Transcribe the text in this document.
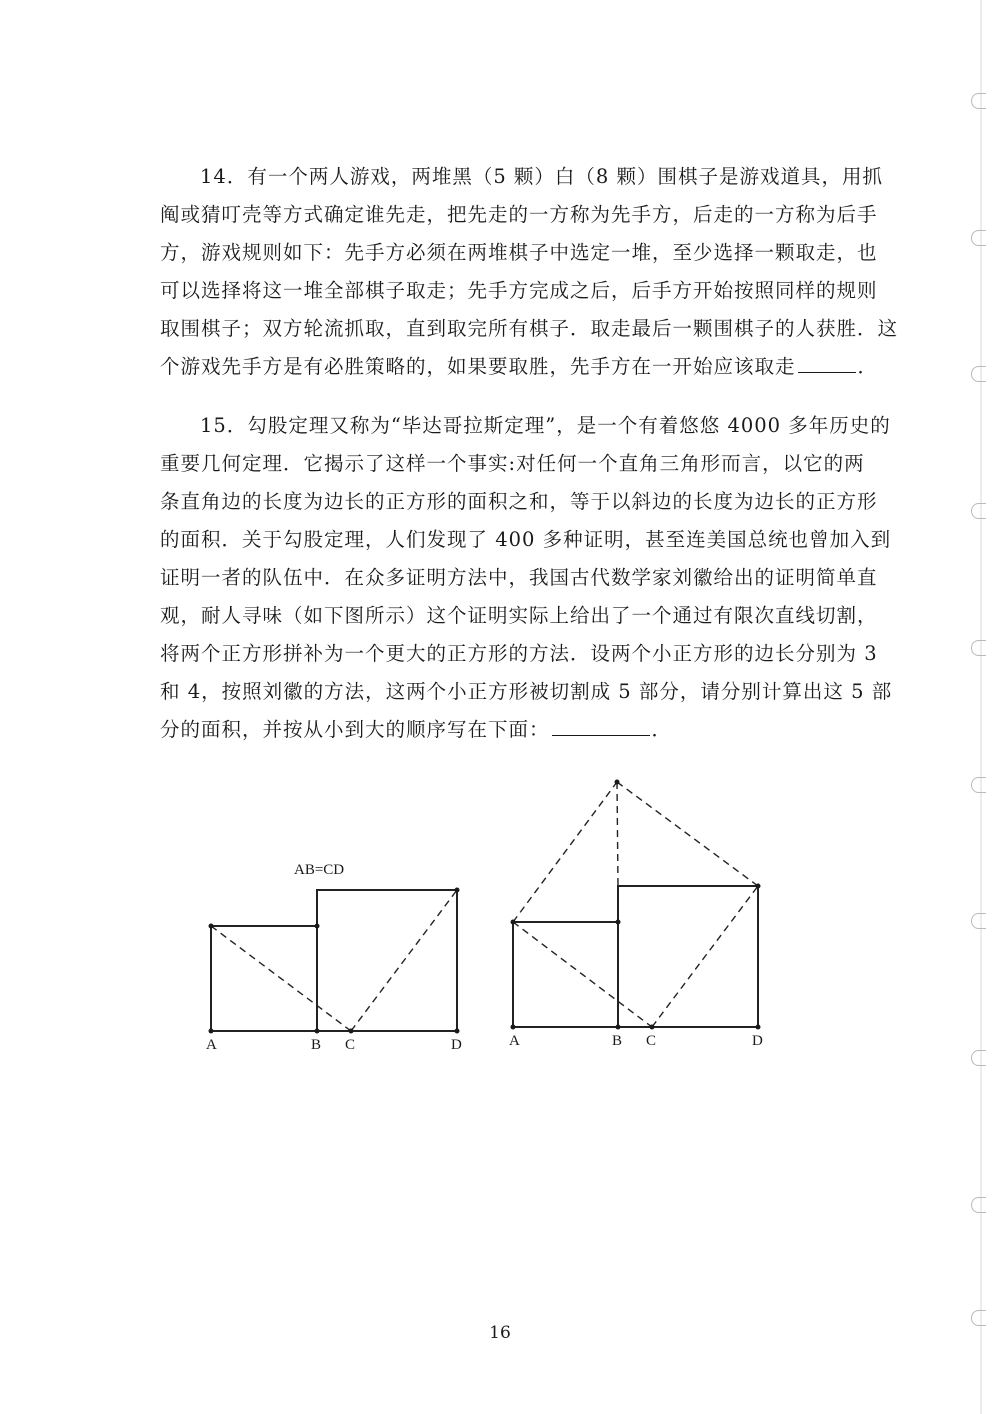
14．有一个两人游戏，两堆黑（5 颗）白（8 颗）围棋子是游戏道具，用抓
阄或猜叮壳等方式确定谁先走，把先走的一方称为先手方，后走的一方称为后手
方，游戏规则如下：先手方必须在两堆棋子中选定一堆，至少选择一颗取走，也
可以选择将这一堆全部棋子取走；先手方完成之后，后手方开始按照同样的规则
取围棋子；双方轮流抓取，直到取完所有棋子．取走最后一颗围棋子的人获胜．这
个游戏先手方是有必胜策略的，如果要取胜，先手方在一开始应该取走	．
15．勾股定理又称为“毕达哥拉斯定理”，是一个有着悠悠 4000 多年历史的
重要几何定理．它揭示了这样一个事实:对任何一个直角三角形而言，以它的两
条直角边的长度为边长的正方形的面积之和，等于以斜边的长度为边长的正方形
的面积．关于勾股定理，人们发现了 400 多种证明，甚至连美国总统也曾加入到
证明一者的队伍中．在众多证明方法中，我国古代数学家刘徽给出的证明简单直
观，耐人寻味（如下图所示）这个证明实际上给出了一个通过有限次直线切割，
将两个正方形拼补为一个更大的正方形的方法．设两个小正方形的边长分别为 3
和 4，按照刘徽的方法，这两个小正方形被切割成 5 部分，请分别计算出这 5 部
分的面积，并按从小到大的顺序写在下面：	．
AB=CD
A	B C	D	A	B C	D
16
